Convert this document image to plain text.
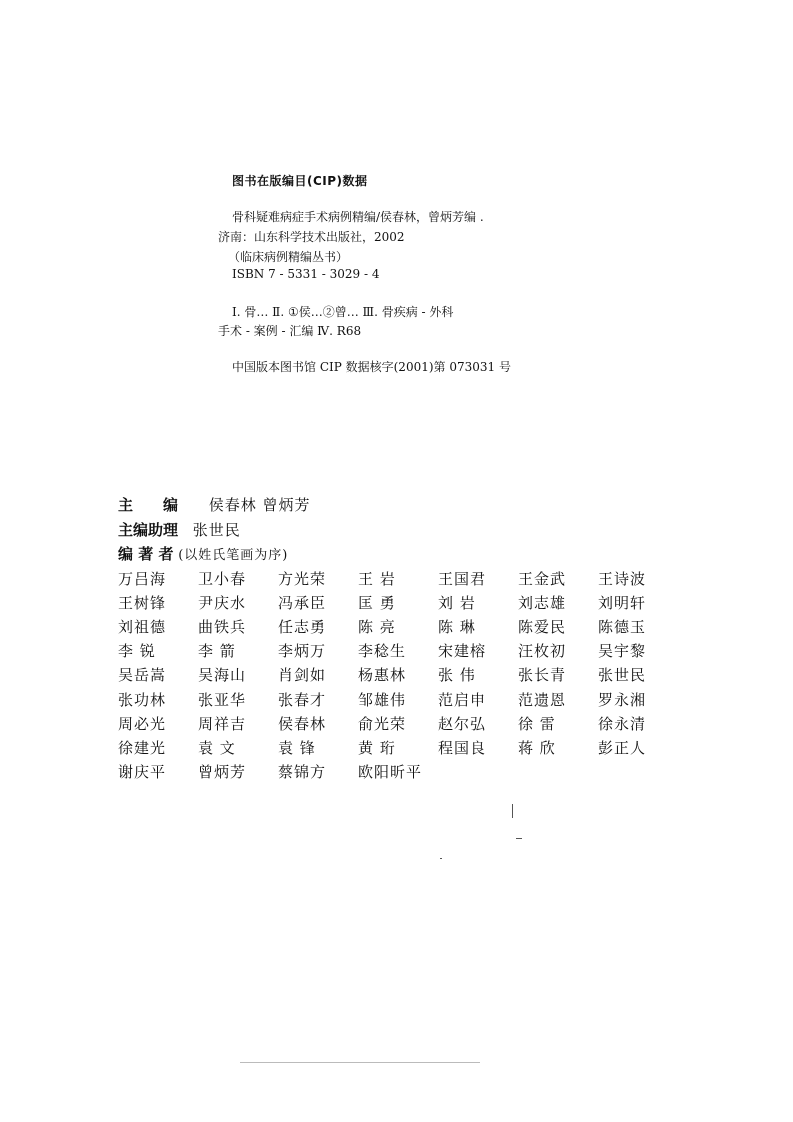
图书在版编目(CIP)数据
骨科疑难病症手术病例精编/侯春林，曾炳芳编 .
济南：山东科学技术出版社，2002
（临床病例精编丛书）
ISBN 7 - 5331 - 3029 - 4
Ⅰ. 骨… Ⅱ. ①侯…②曾… Ⅲ. 骨疾病 - 外科
手术 - 案例 - 汇编 Ⅳ. R68
中国版本图书馆 CIP 数据核字(2001)第 073031 号
主 编 侯春林 曾炳芳
主编助理 张世民
编 著 者 (以姓氏笔画为序)
万吕海	卫小春	方光荣	王 岩	王国君	王金武	王诗波
王树锋	尹庆水	冯承臣	匡 勇	刘 岩	刘志雄	刘明轩
刘祖德	曲铁兵	任志勇	陈 亮	陈 琳	陈爱民	陈德玉
李 锐	李 箭	李炳万	李稔生	宋建榕	汪枚初	吴宇黎
吴岳嵩	吴海山	肖剑如	杨惠林	张 伟	张长青	张世民
张功林	张亚华	张春才	邹雄伟	范启申	范遗恩	罗永湘
周必光	周祥吉	侯春林	俞光荣	赵尔弘	徐 雷	徐永清
徐建光	袁 文	袁 锋	黄 珩	程国良	蒋 欣	彭正人
谢庆平	曾炳芳	蔡锦方	欧阳昕平
